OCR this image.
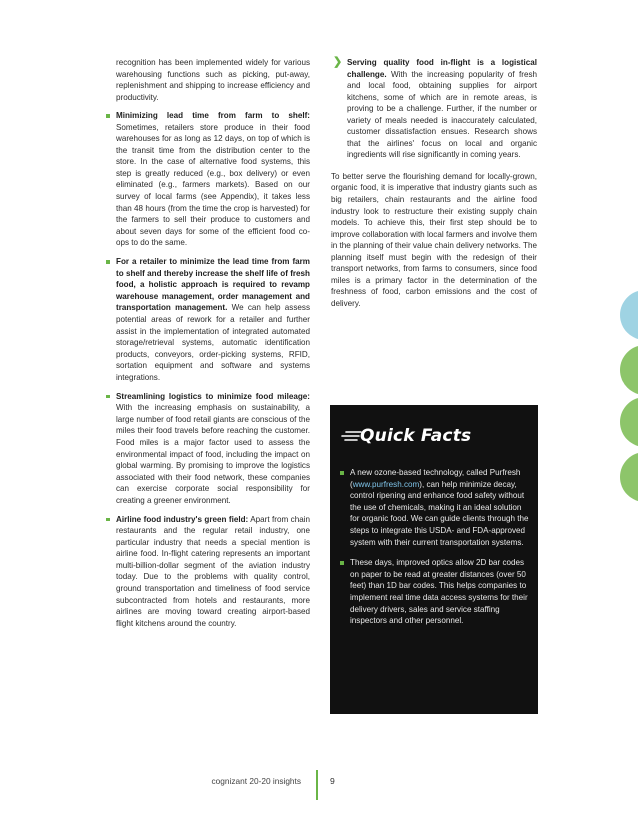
recognition has been implemented widely for various warehousing functions such as picking, put-away, replenishment and shipping to increase efficiency and productivity.

Minimizing lead time from farm to shelf: Sometimes, retailers store produce in their food warehouses for as long as 12 days, on top of which is the transit time from the distribution center to the store. In the case of alternative food systems, this step is greatly reduced (e.g., box delivery) or even eliminated (e.g., farmers markets). Based on our survey of local farms (see Appendix), it takes less than 48 hours (from the time the crop is harvested) for the farmers to sell their produce to customers and about seven days for some of the efficient food co-ops to do the same.
For a retailer to minimize the lead time from farm to shelf and thereby increase the shelf life of fresh food, a holistic approach is required to revamp warehouse management, order management and transportation management. We can help assess potential areas of rework for a retailer and further assist in the implementation of integrated automated storage/retrieval systems, automatic identification products, conveyors, order-picking systems, RFID, sortation equipment and software and systems integrations.
Streamlining logistics to minimize food mileage: With the increasing emphasis on sustainability, a large number of food retail giants are conscious of the miles their food travels before reaching the customer. Food miles is a major factor used to assess the environmental impact of food, including the impact on global warming. By promising to improve the logistics associated with their food network, these companies can exercise corporate social responsibility for creating a greener environment.
Airline food industry's green field: Apart from chain restaurants and the regular retail industry, one particular industry that needs a special mention is airline food. In-flight catering represents an important multi-billion-dollar segment of the aviation industry today. Due to the problems with quality control, ground transportation and timeliness of food service subcontracted from hotels and restaurants, more airlines are moving toward creating airport-based flight kitchens around the country.
❯ Serving quality food in-flight is a logistical challenge. With the increasing popularity of fresh and local food, obtaining supplies for airport kitchens, some of which are in remote areas, is proving to be a challenge. Further, if the number or variety of meals needed is inaccurately calculated, customer dissatisfaction ensues. Research shows that the airlines' focus on local and organic ingredients will rise significantly in coming years.

To better serve the flourishing demand for locally-grown, organic food, it is imperative that industry giants such as big retailers, chain restaurants and the airline food industry look to restructure their existing supply chain models. To achieve this, their first step should be to improve collaboration with local farmers and involve them in the planning of their value chain delivery networks. The planning itself must begin with the redesign of their transport networks, from farms to consumers, since food miles is a primary factor in the determination of the freshness of food, carbon emissions and the cost of delivery.

Quick Facts
A new ozone-based technology, called Purfresh (www.purfresh.com), can help minimize decay, control ripening and enhance food safety without the use of chemicals, making it an ideal solution for organic food. We can guide clients through the steps to integrate this USDA- and FDA-approved system with their current transportation systems.
These days, improved optics allow 2D bar codes on paper to be read at greater distances (over 50 feet) than 1D bar codes. This helps companies to implement real time data access systems for their delivery drivers, sales and service staffing inspectors and other personnel.
cognizant 20-20 insights	9
